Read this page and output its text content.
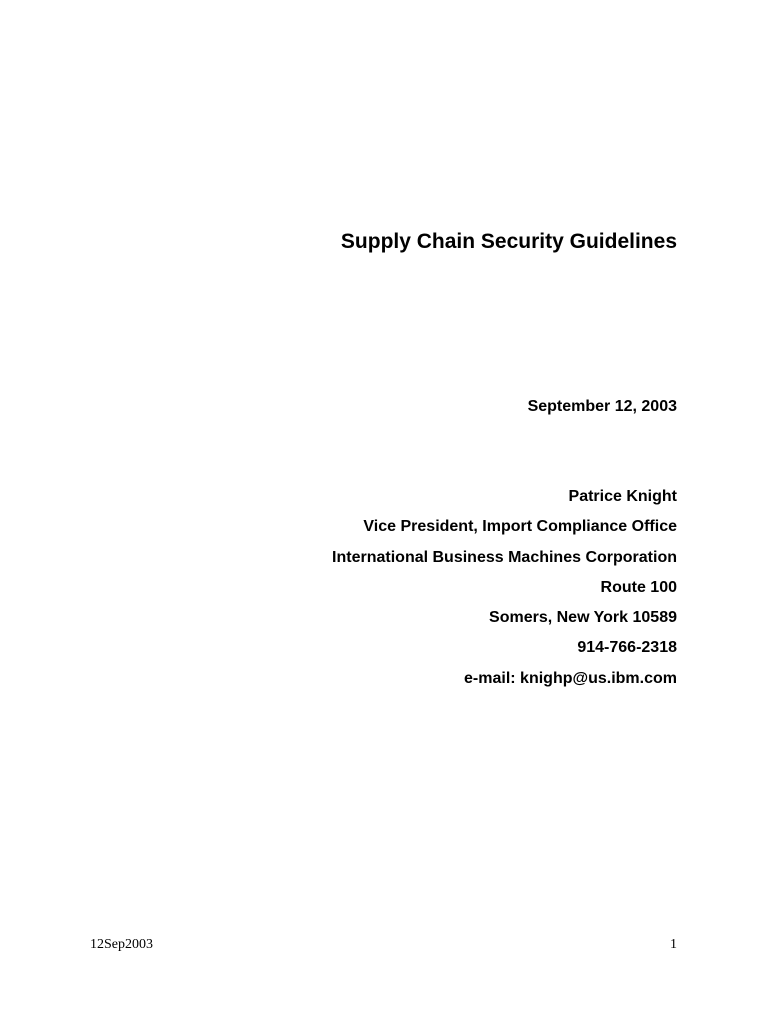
Supply Chain Security Guidelines
September 12, 2003
Patrice Knight
Vice President, Import Compliance Office
International Business Machines Corporation
Route 100
Somers, New York 10589
914-766-2318
e-mail: knighp@us.ibm.com
12Sep2003	1
